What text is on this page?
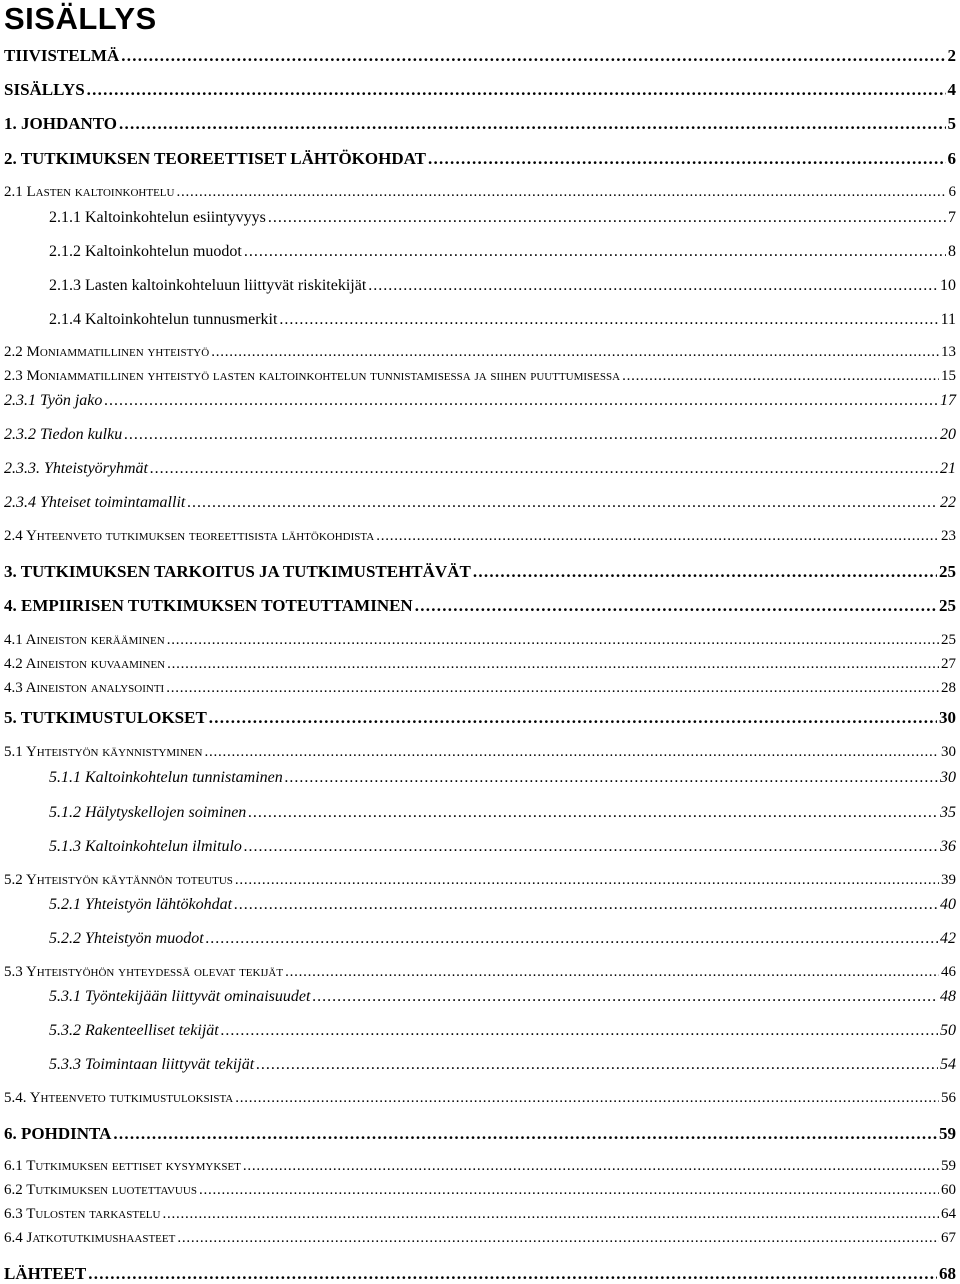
SISÄLLYS
TIIVISTELMÄ . . .	2
SISÄLLYS . . .	4
1. JOHDANTO . . .	5
2. TUTKIMUKSEN TEOREETTISET LÄHTÖKOHDAT . . .	6
2.1 Lasten kaltoinkohtelu . . .	6
2.1.1 Kaltoinkohtelun esiintyvyys . . .	7
2.1.2 Kaltoinkohtelun muodot . . .	8
2.1.3 Lasten kaltoinkohteluun liittyvät riskitekijät . . .	10
2.1.4 Kaltoinkohtelun tunnusmerkit . . .	11
2.2 Moniammatillinen yhteistyö . . .	13
2.3 Moniammatillinen yhteistyö lasten kaltoinkohtelun tunnistamisessa ja siihen puuttumisessa . . .	15
2.3.1 Työn jako . . .	17
2.3.2 Tiedon kulku . . .	20
2.3.3. Yhteistyöryhmät . . .	21
2.3.4 Yhteiset toimintamallit . . .	22
2.4 Yhteenveto tutkimuksen teoreettisista lähtökohdista . . .	23
3. TUTKIMUKSEN TARKOITUS JA TUTKIMUSTEHTÄVÄT . . .	25
4. EMPIIRISEN TUTKIMUKSEN TOTEUTTAMINEN . . .	25
4.1 Aineiston kerääminen . . .	25
4.2 Aineiston kuvaaminen . . .	27
4.3 Aineiston analysointi . . .	28
5. TUTKIMUSTULOKSET . . .	30
5.1 Yhteistyön käynnistyminen . . .	30
5.1.1 Kaltoinkohtelun tunnistaminen . . .	30
5.1.2 Hälytyskellojen soiminen . . .	35
5.1.3 Kaltoinkohtelun ilmitulo . . .	36
5.2 Yhteistyön käytännön toteutus . . .	39
5.2.1 Yhteistyön lähtökohdat . . .	40
5.2.2 Yhteistyön muodot . . .	42
5.3 Yhteistyöhön yhteydessä olevat tekijät . . .	46
5.3.1 Työntekijään liittyvät ominaisuudet . . .	48
5.3.2 Rakenteelliset tekijät . . .	50
5.3.3 Toimintaan liittyvät tekijät . . .	54
5.4. Yhteenveto tutkimustuloksista . . .	56
6. POHDINTA . . .	59
6.1 Tutkimuksen eettiset kysymykset . . .	59
6.2 Tutkimuksen luotettavuus . . .	60
6.3 Tulosten tarkastelu . . .	64
6.4 Jatkotutkimushaasteet . . .	67
LÄHTEET . . .	68
